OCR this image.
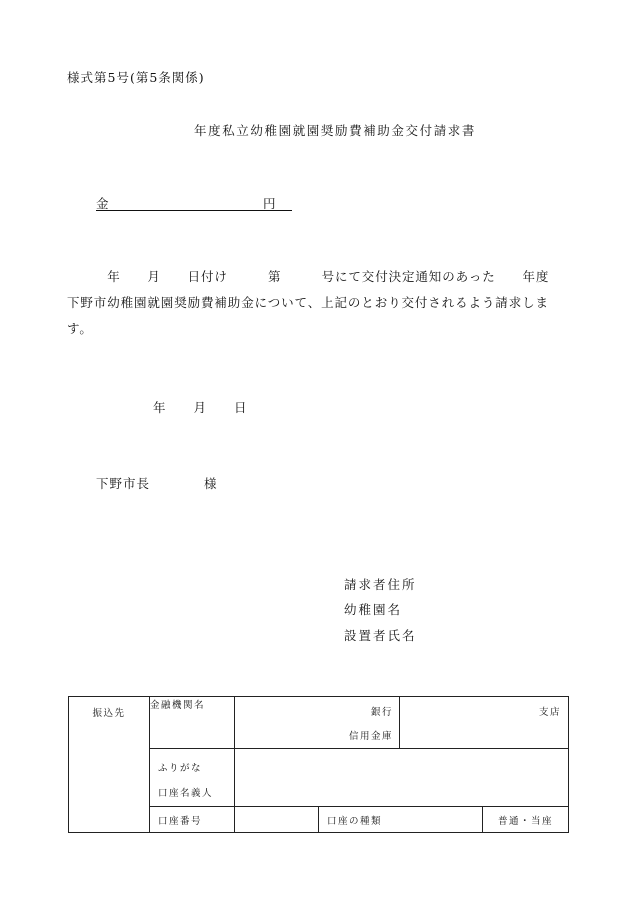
様式第5号(第5条関係)
年度私立幼稚園就園奨励費補助金交付請求書
金	円
　　　年　　月　　日付け　　　第　　　号にて交付決定通知のあった　　年度
下野市幼稚園就園奨励費補助金について、上記のとおり交付されるよう請求しま
す。
年　　月　　日
下野市長　　　　様
請求者住所
幼稚園名
設置者氏名
振込先	金融機関名	銀行
信用金庫		支店	

	ふりがな
口座名義人				

	口座番号		口座の種類		普通・当座
